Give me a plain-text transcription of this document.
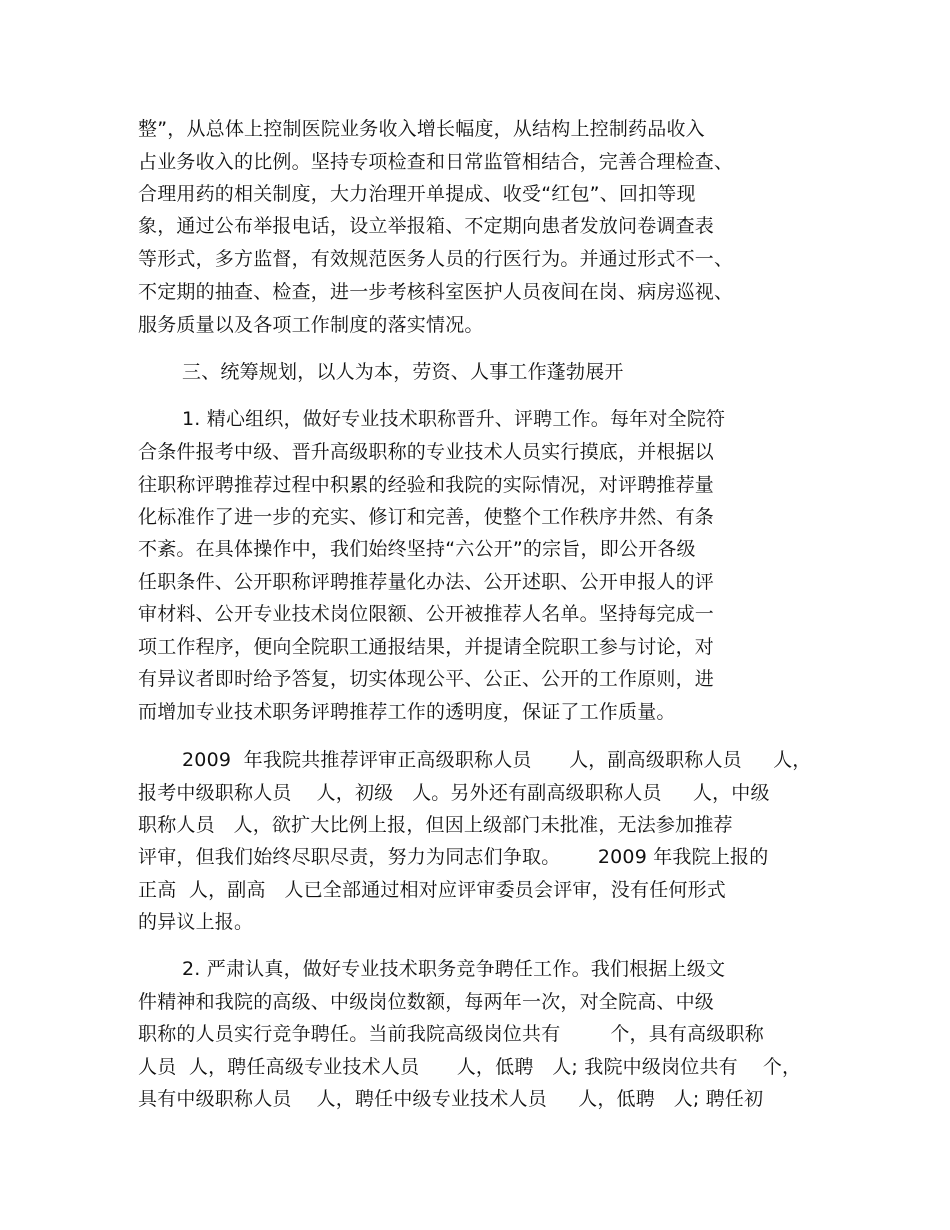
整”，从总体上控制医院业务收入增长幅度，从结构上控制药品收入
占业务收入的比例。坚持专项检查和日常监管相结合，完善合理检查、
合理用药的相关制度，大力治理开单提成、收受“红包”、回扣等现
象，通过公布举报电话，设立举报箱、不定期向患者发放问卷调查表
等形式，多方监督，有效规范医务人员的行医行为。并通过形式不一、
不定期的抽查、检查，进一步考核科室医护人员夜间在岗、病房巡视、
服务质量以及各项工作制度的落实情况。
三、统筹规划，以人为本，劳资、人事工作蓬勃展开
1. 精心组织，做好专业技术职称晋升、评聘工作。每年对全院符
合条件报考中级、晋升高级职称的专业技术人员实行摸底，并根据以
往职称评聘推荐过程中积累的经验和我院的实际情况，对评聘推荐量
化标准作了进一步的充实、修订和完善，使整个工作秩序井然、有条
不紊。在具体操作中，我们始终坚持“六公开”的宗旨，即公开各级
任职条件、公开职称评聘推荐量化办法、公开述职、公开申报人的评
审材料、公开专业技术岗位限额、公开被推荐人名单。坚持每完成一
项工作程序，便向全院职工通报结果，并提请全院职工参与讨论，对
有异议者即时给予答复，切实体现公平、公正、公开的工作原则，进
而增加专业技术职务评聘推荐工作的透明度，保证了工作质量。
2009  年我院共推荐评审正高级职称人员      人，副高级职称人员     人，
报考中级职称人员    人，初级   人。另外还有副高级职称人员     人，中级
职称人员   人，欲扩大比例上报，但因上级部门未批准，无法参加推荐
评审，但我们始终尽职尽责，努力为同志们争取。      2009 年我院上报的
正高  人，副高   人已全部通过相对应评审委员会评审，没有任何形式
的异议上报。
2. 严肃认真，做好专业技术职务竞争聘任工作。我们根据上级文
件精神和我院的高级、中级岗位数额，每两年一次，对全院高、中级
职称的人员实行竞争聘任。当前我院高级岗位共有        个，具有高级职称
人员  人，聘任高级专业技术人员      人，低聘   人; 我院中级岗位共有    个，
具有中级职称人员    人，聘任中级专业技术人员     人，低聘   人; 聘任初
